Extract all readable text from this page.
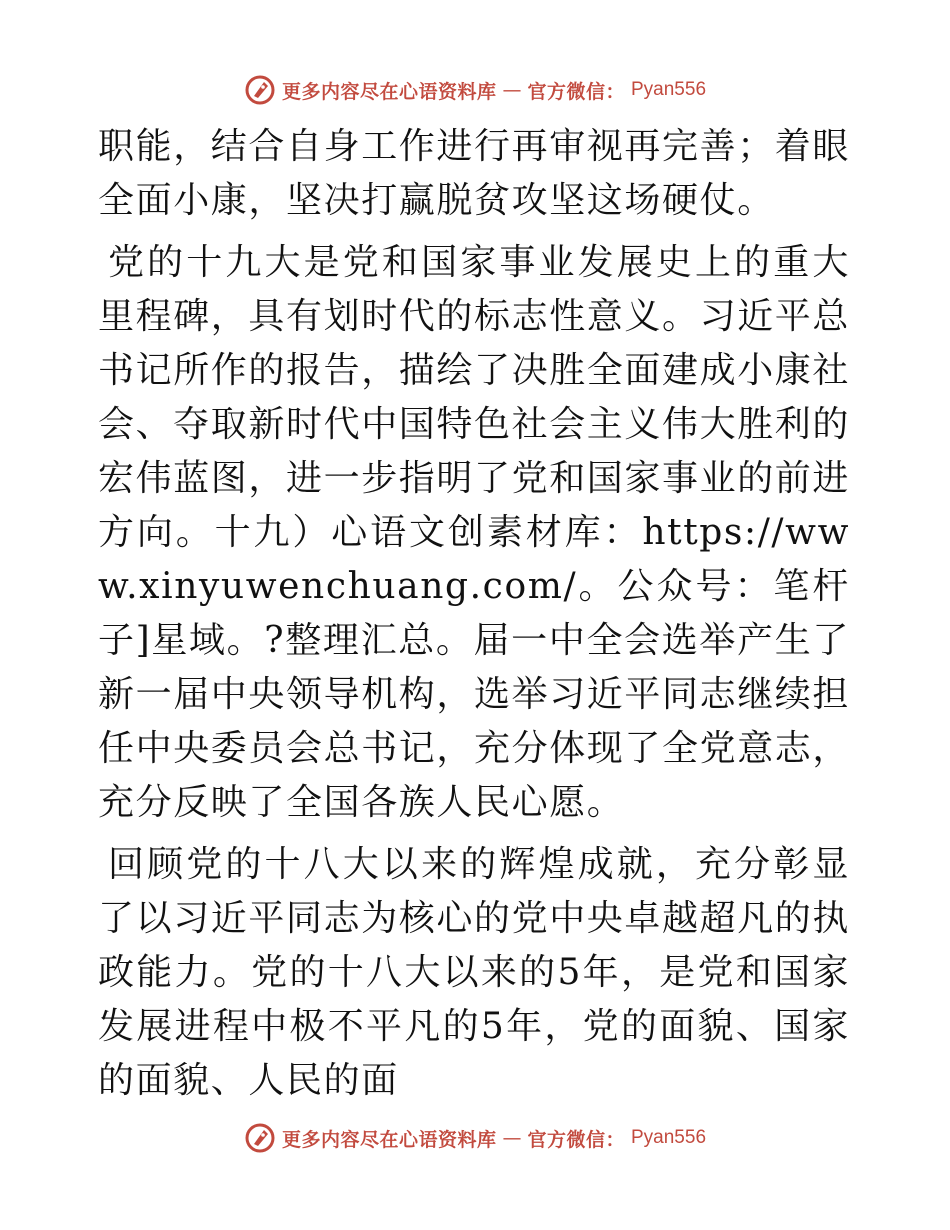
更多内容尽在心语资料库 — 官方微信： Pyan556

职能，结合自身工作进行再审视再完善；着眼全面小康，坚决打赢脱贫攻坚这场硬仗。

党的十九大是党和国家事业发展史上的重大里程碑，具有划时代的标志性意义。习近平总书记所作的报告，描绘了决胜全面建成小康社会、夺取新时代中国特色社会主义伟大胜利的宏伟蓝图，进一步指明了党和国家事业的前进方向。十九）心语文创素材库：https://www.xinyuwenchuang.com/。公众号：笔杆子]星域。?整理汇总。届一中全会选举产生了新一届中央领导机构，选举习近平同志继续担任中央委员会总书记，充分体现了全党意志，充分反映了全国各族人民心愿。

回顾党的十八大以来的辉煌成就，充分彰显了以习近平同志为核心的党中央卓越超凡的执政能力。党的十八大以来的5年，是党和国家发展进程中极不平凡的5年，党的面貌、国家的面貌、人民的面

更多内容尽在心语资料库 — 官方微信： Pyan556
